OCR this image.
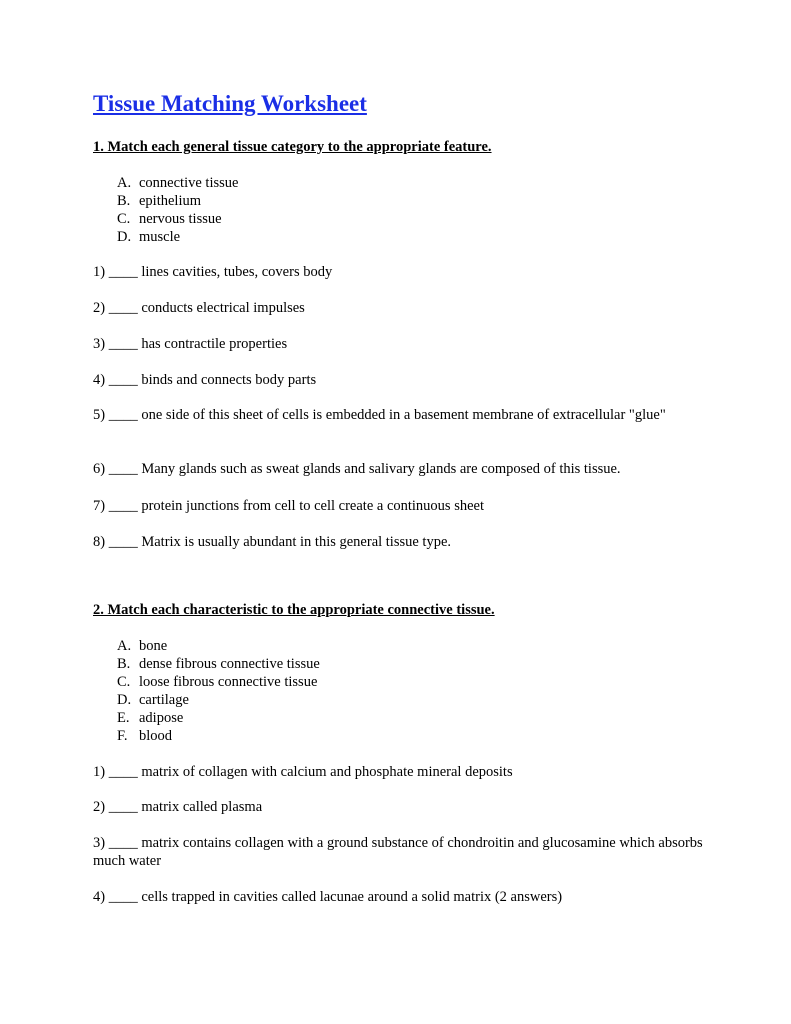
Tissue Matching Worksheet
1. Match each general tissue category to the appropriate feature.
A. connective tissue
B. epithelium
C. nervous tissue
D. muscle
1) ____ lines cavities, tubes, covers body
2) ____ conducts electrical impulses
3) ____ has contractile properties
4) ____ binds and connects body parts
5) ____ one side of this sheet of cells is embedded in a basement membrane of extracellular "glue"
6) ____ Many glands such as sweat glands and salivary glands are composed of this tissue.
7) ____ protein junctions from cell to cell create a continuous sheet
8) ____ Matrix is usually abundant in this general tissue type.
2. Match each characteristic to the appropriate connective tissue.
A. bone
B. dense fibrous connective tissue
C. loose fibrous connective tissue
D. cartilage
E. adipose
F. blood
1) ____ matrix of collagen with calcium and phosphate mineral deposits
2) ____ matrix called plasma
3) ____ matrix contains collagen with a ground substance of chondroitin and glucosamine which absorbs much water
4) ____ cells trapped in cavities called lacunae around a solid matrix (2 answers)
